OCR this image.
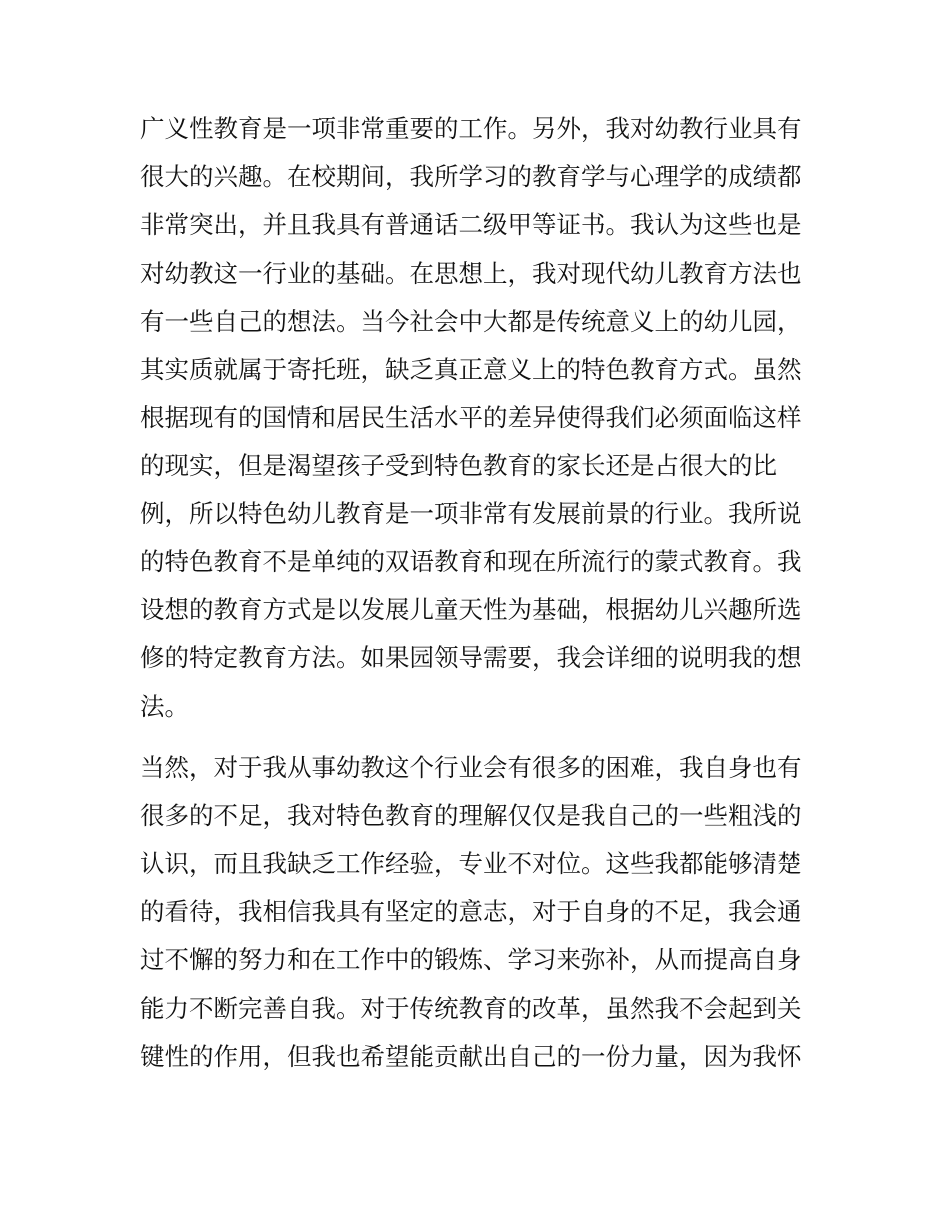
广义性教育是一项非常重要的工作。另外，我对幼教行业具有
很大的兴趣。在校期间，我所学习的教育学与心理学的成绩都
非常突出，并且我具有普通话二级甲等证书。我认为这些也是
对幼教这一行业的基础。在思想上，我对现代幼儿教育方法也
有一些自己的想法。当今社会中大都是传统意义上的幼儿园，
其实质就属于寄托班，缺乏真正意义上的特色教育方式。虽然
根据现有的国情和居民生活水平的差异使得我们必须面临这样
的现实，但是渴望孩子受到特色教育的家长还是占很大的比
例，所以特色幼儿教育是一项非常有发展前景的行业。我所说
的特色教育不是单纯的双语教育和现在所流行的蒙式教育。我
设想的教育方式是以发展儿童天性为基础，根据幼儿兴趣所选
修的特定教育方法。如果园领导需要，我会详细的说明我的想
法。
当然，对于我从事幼教这个行业会有很多的困难，我自身也有
很多的不足，我对特色教育的理解仅仅是我自己的一些粗浅的
认识，而且我缺乏工作经验，专业不对位。这些我都能够清楚
的看待，我相信我具有坚定的意志，对于自身的不足，我会通
过不懈的努力和在工作中的锻炼、学习来弥补，从而提高自身
能力不断完善自我。对于传统教育的改革，虽然我不会起到关
键性的作用，但我也希望能贡献出自己的一份力量，因为我怀
